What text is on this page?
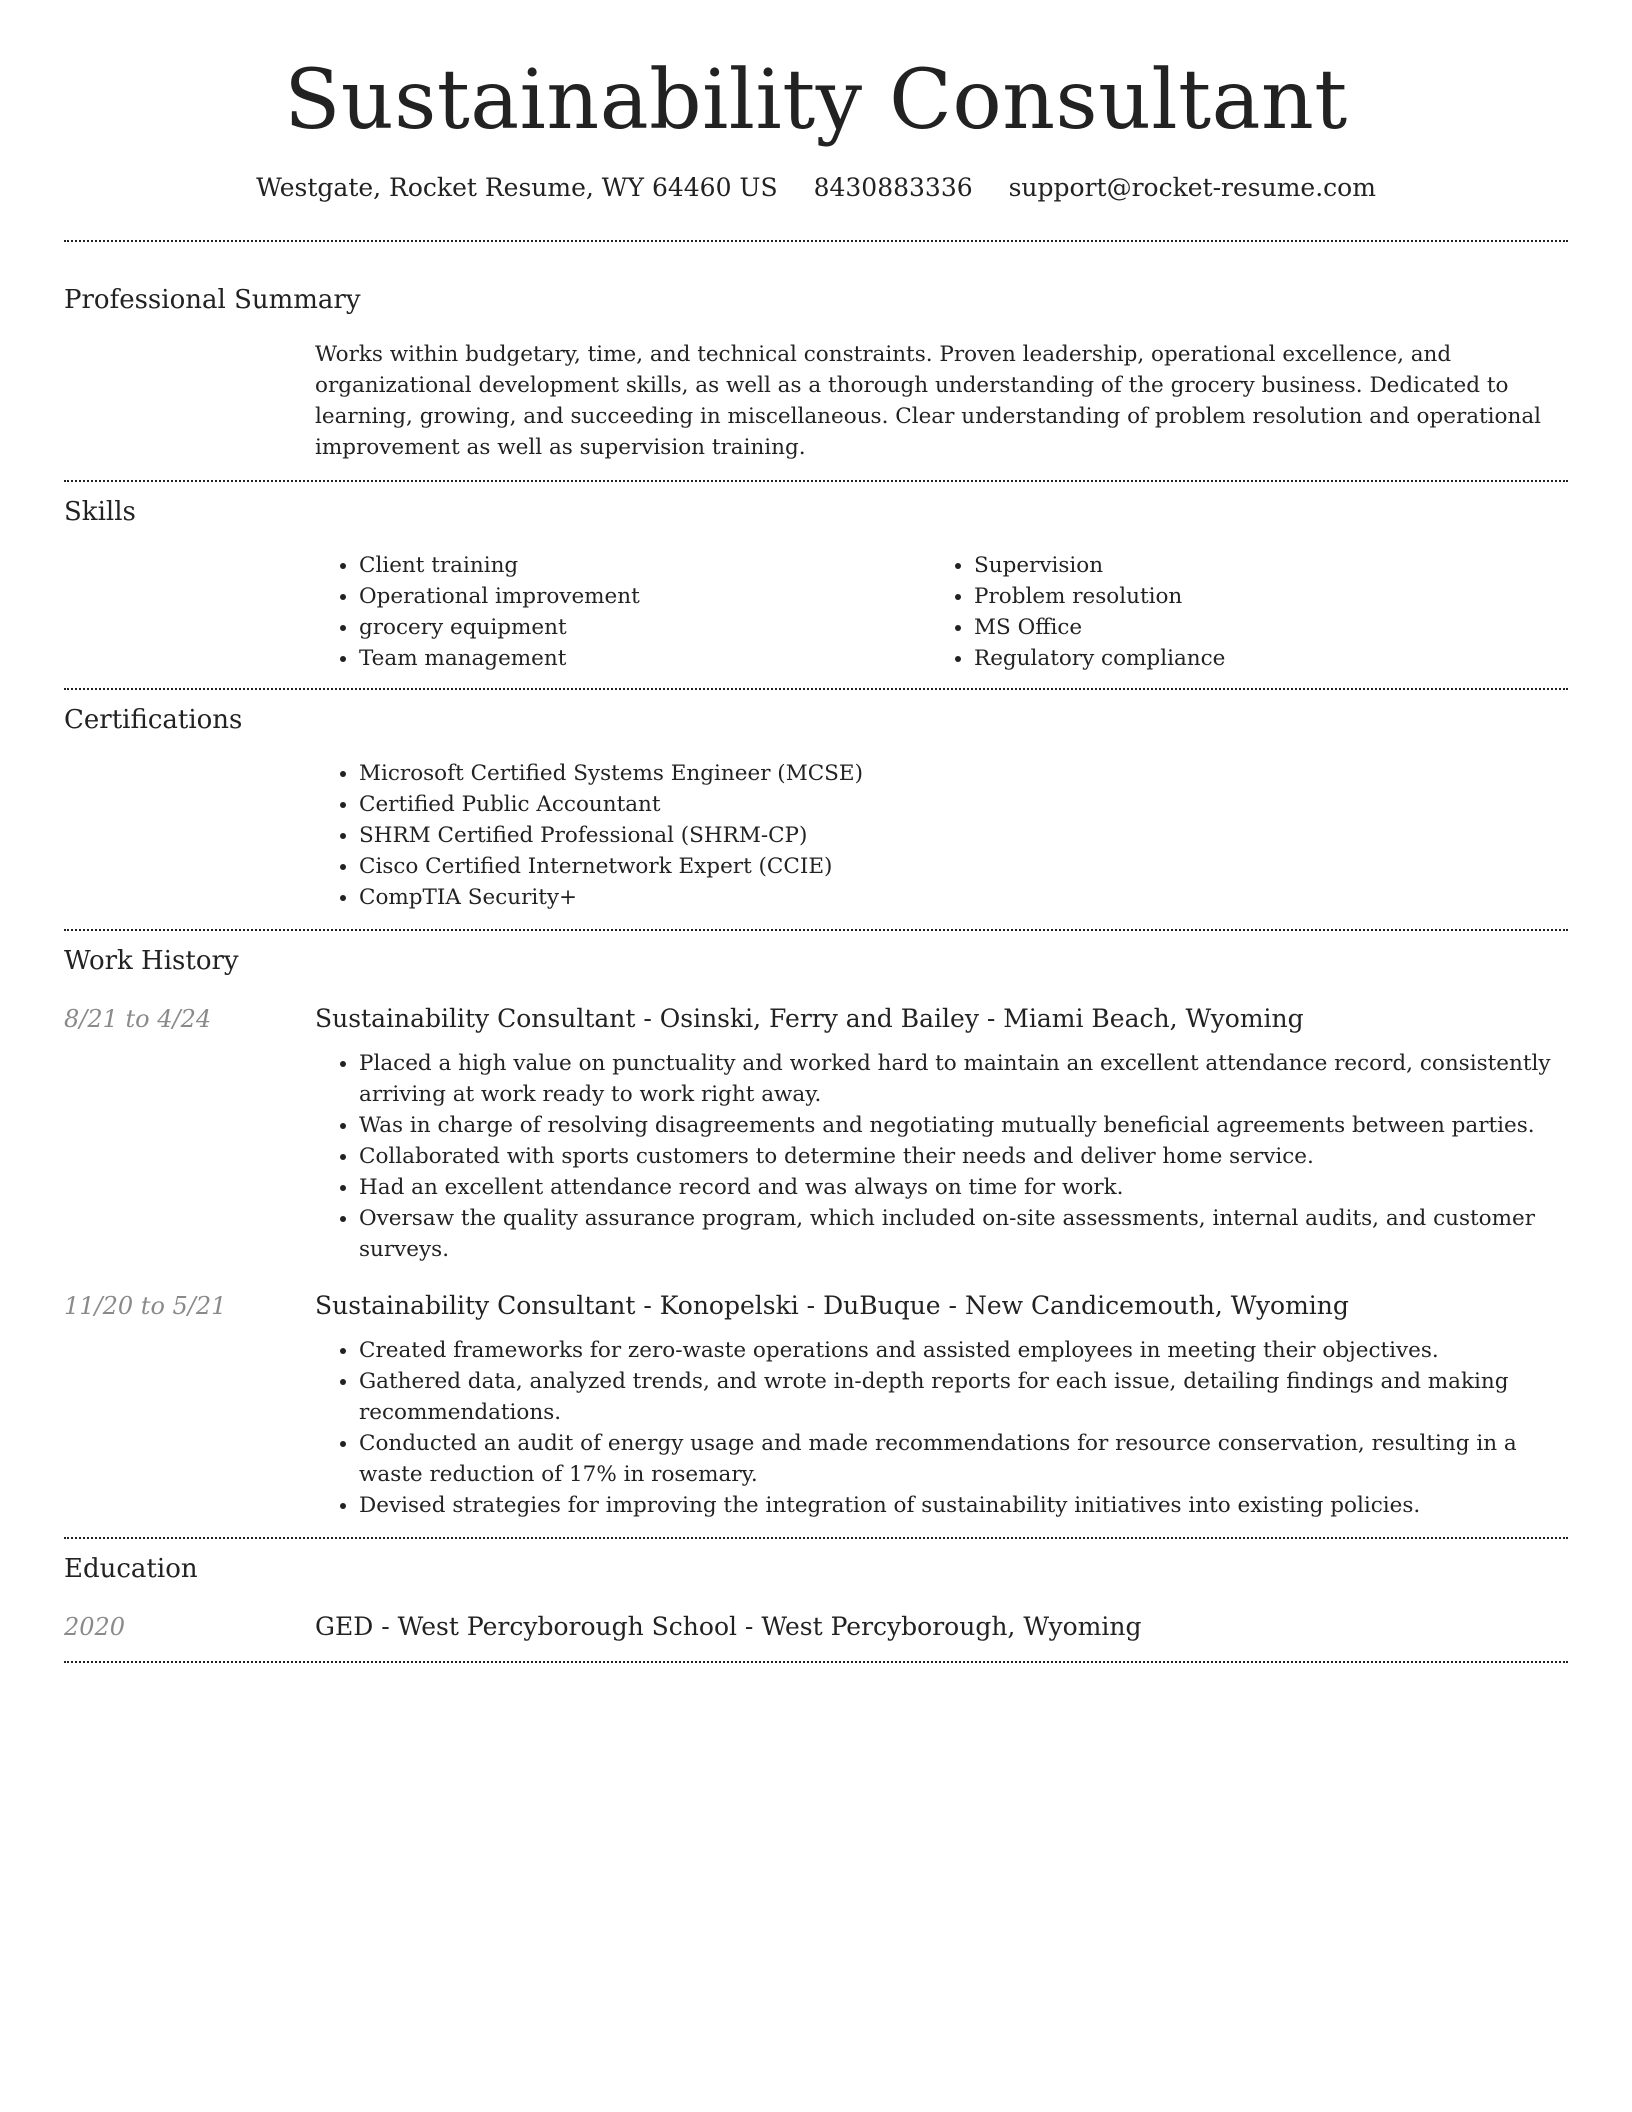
Sustainability Consultant
Westgate, Rocket Resume, WY 64460 US 8430883336 support@rocket-resume.com
Professional Summary
Works within budgetary, time, and technical constraints. Proven leadership, operational excellence, and organizational development skills, as well as a thorough understanding of the grocery business. Dedicated to learning, growing, and succeeding in miscellaneous. Clear understanding of problem resolution and operational improvement as well as supervision training.
Skills
• Client training
• Operational improvement
• grocery equipment
• Team management
• Supervision
• Problem resolution
• MS Office
• Regulatory compliance
Certifications
• Microsoft Certified Systems Engineer (MCSE)
• Certified Public Accountant
• SHRM Certified Professional (SHRM-CP)
• Cisco Certified Internetwork Expert (CCIE)
• CompTIA Security+
Work History
8/21 to 4/24	Sustainability Consultant - Osinski, Ferry and Bailey - Miami Beach, Wyoming
• Placed a high value on punctuality and worked hard to maintain an excellent attendance record, consistently arriving at work ready to work right away.
• Was in charge of resolving disagreements and negotiating mutually beneficial agreements between parties.
• Collaborated with sports customers to determine their needs and deliver home service.
• Had an excellent attendance record and was always on time for work.
• Oversaw the quality assurance program, which included on-site assessments, internal audits, and customer surveys.
11/20 to 5/21	Sustainability Consultant - Konopelski - DuBuque - New Candicemouth, Wyoming
• Created frameworks for zero-waste operations and assisted employees in meeting their objectives.
• Gathered data, analyzed trends, and wrote in-depth reports for each issue, detailing findings and making recommendations.
• Conducted an audit of energy usage and made recommendations for resource conservation, resulting in a waste reduction of 17% in rosemary.
• Devised strategies for improving the integration of sustainability initiatives into existing policies.
Education
2020	GED - West Percyborough School - West Percyborough, Wyoming
